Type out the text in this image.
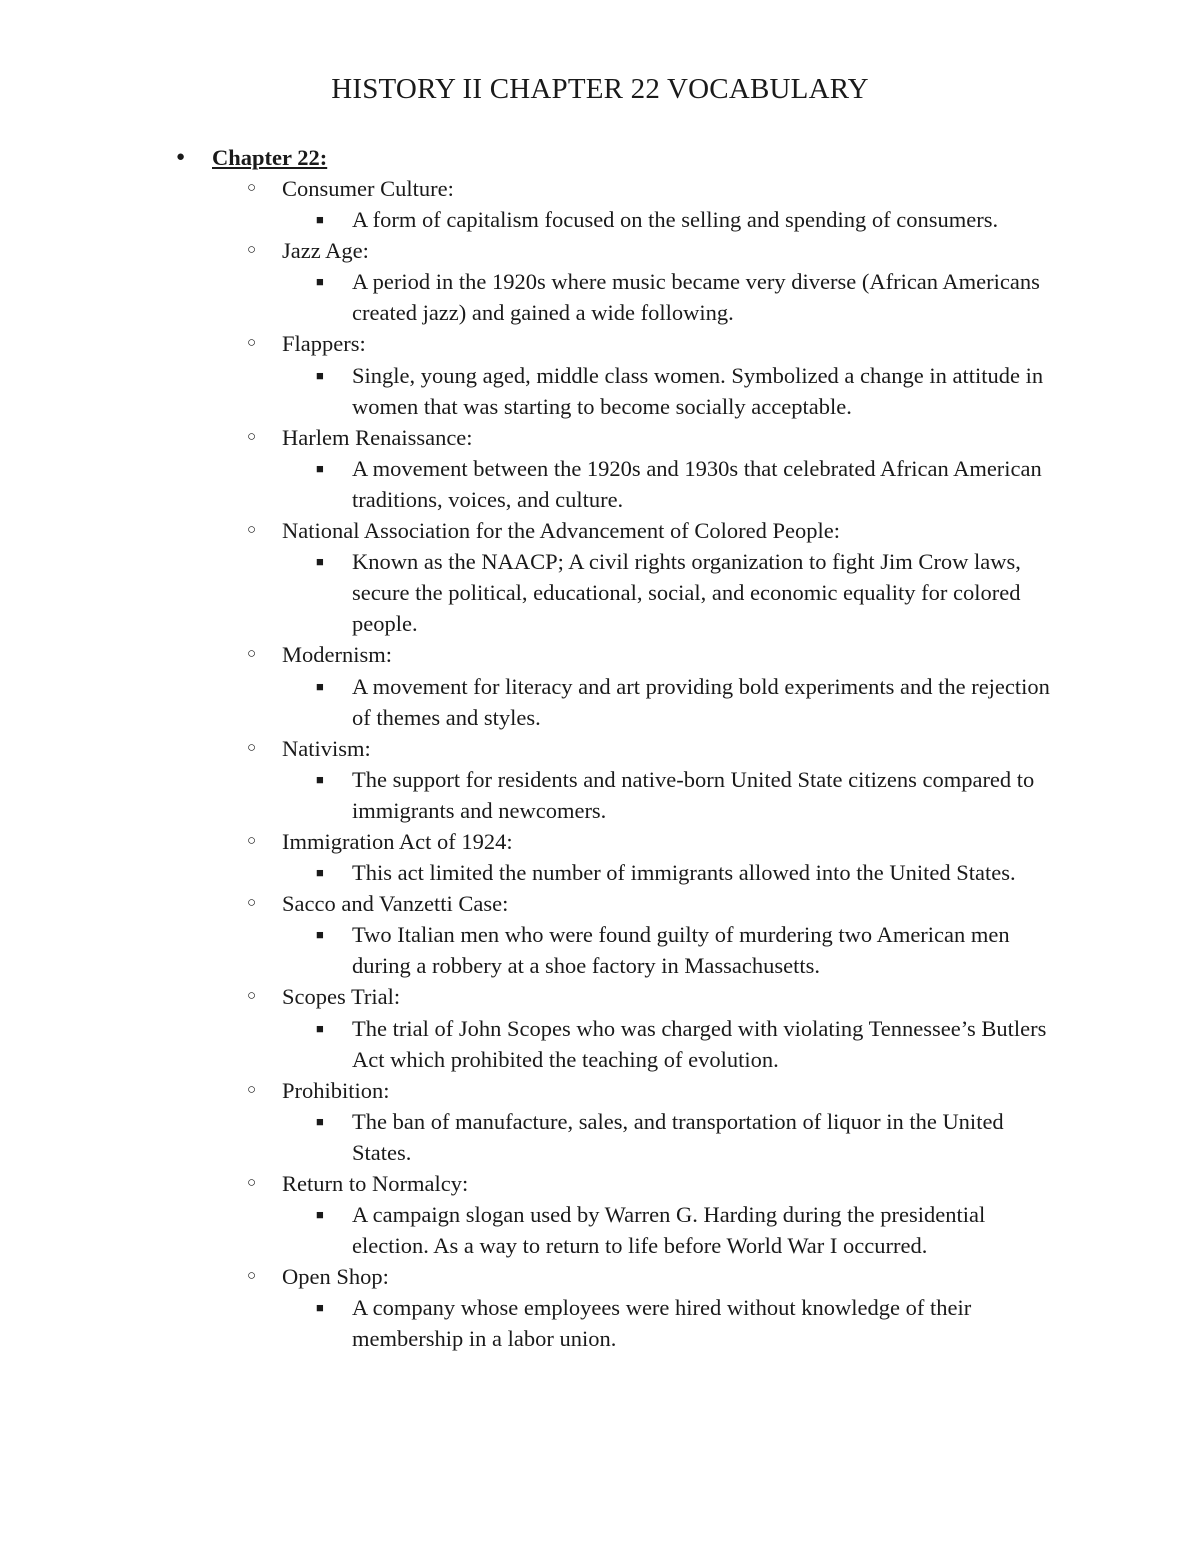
HISTORY II CHAPTER 22 VOCABULARY
●	Chapter 22:
○ Consumer Culture:
■ A form of capitalism focused on the selling and spending of consumers.
○ Jazz Age:
■ A period in the 1920s where music became very diverse (African Americans created jazz) and gained a wide following.
○ Flappers:
■ Single, young aged, middle class women. Symbolized a change in attitude in women that was starting to become socially acceptable.
○ Harlem Renaissance:
■ A movement between the 1920s and 1930s that celebrated African American traditions, voices, and culture.
○ National Association for the Advancement of Colored People:
■ Known as the NAACP; A civil rights organization to fight Jim Crow laws, secure the political, educational, social, and economic equality for colored people.
○ Modernism:
■ A movement for literacy and art providing bold experiments and the rejection of themes and styles.
○ Nativism:
■ The support for residents and native-born United State citizens compared to immigrants and newcomers.
○ Immigration Act of 1924:
■ This act limited the number of immigrants allowed into the United States.
○ Sacco and Vanzetti Case:
■ Two Italian men who were found guilty of murdering two American men during a robbery at a shoe factory in Massachusetts.
○ Scopes Trial:
■ The trial of John Scopes who was charged with violating Tennessee’s Butlers Act which prohibited the teaching of evolution.
○ Prohibition:
■ The ban of manufacture, sales, and transportation of liquor in the United States.
○ Return to Normalcy:
■ A campaign slogan used by Warren G. Harding during the presidential election. As a way to return to life before World War I occurred.
○ Open Shop:
■ A company whose employees were hired without knowledge of their membership in a labor union.
